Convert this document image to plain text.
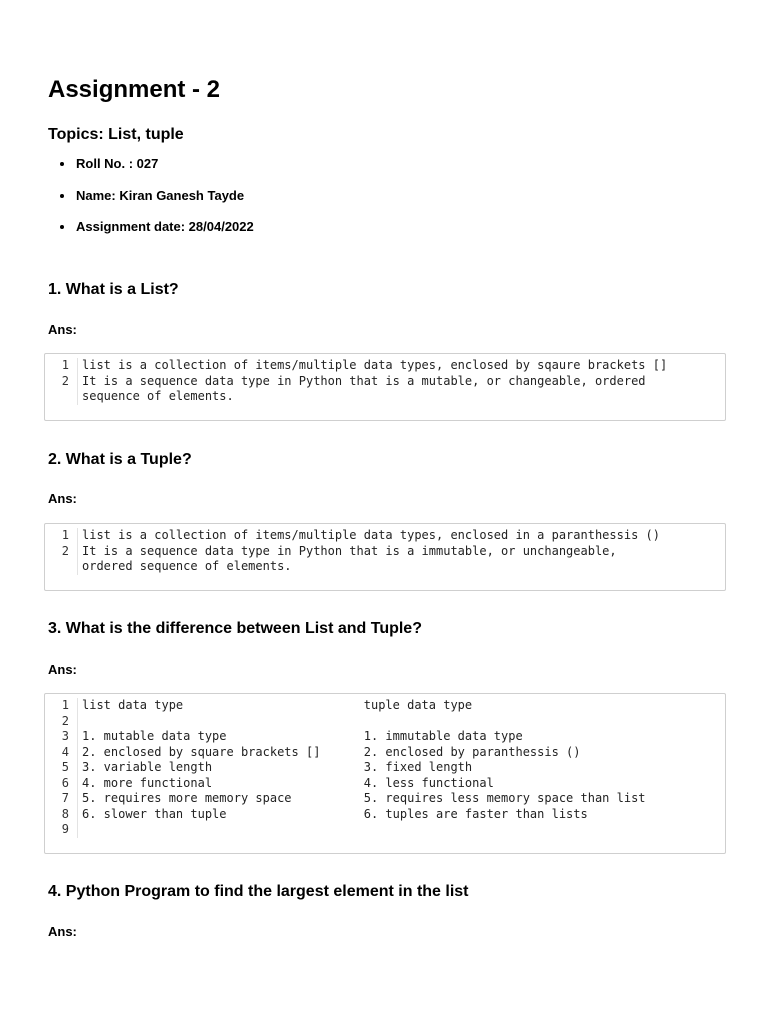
Assignment - 2
Topics: List, tuple
Roll No. : 027
Name: Kiran Ganesh Tayde
Assignment date: 28/04/2022
1. What is a List?
Ans:
1	list is a collection of items/multiple data types, enclosed by sqaure brackets []
2	It is a sequence data type in Python that is a mutable, or changeable, ordered
sequence of elements.
2. What is a Tuple?
Ans:
1	list is a collection of items/multiple data types, enclosed in a paranthessis ()
2	It is a sequence data type in Python that is a immutable, or unchangeable,
ordered sequence of elements.
3. What is the difference between List and Tuple?
Ans:
1	list data type                         tuple data type
2
3	1. mutable data type                   1. immutable data type
4	2. enclosed by square brackets []      2. enclosed by paranthessis ()
5	3. variable length                     3. fixed length
6	4. more functional                     4. less functional
7	5. requires more memory space          5. requires less memory space than list
8	6. slower than tuple                   6. tuples are faster than lists
9
4. Python Program to find the largest element in the list
Ans:
